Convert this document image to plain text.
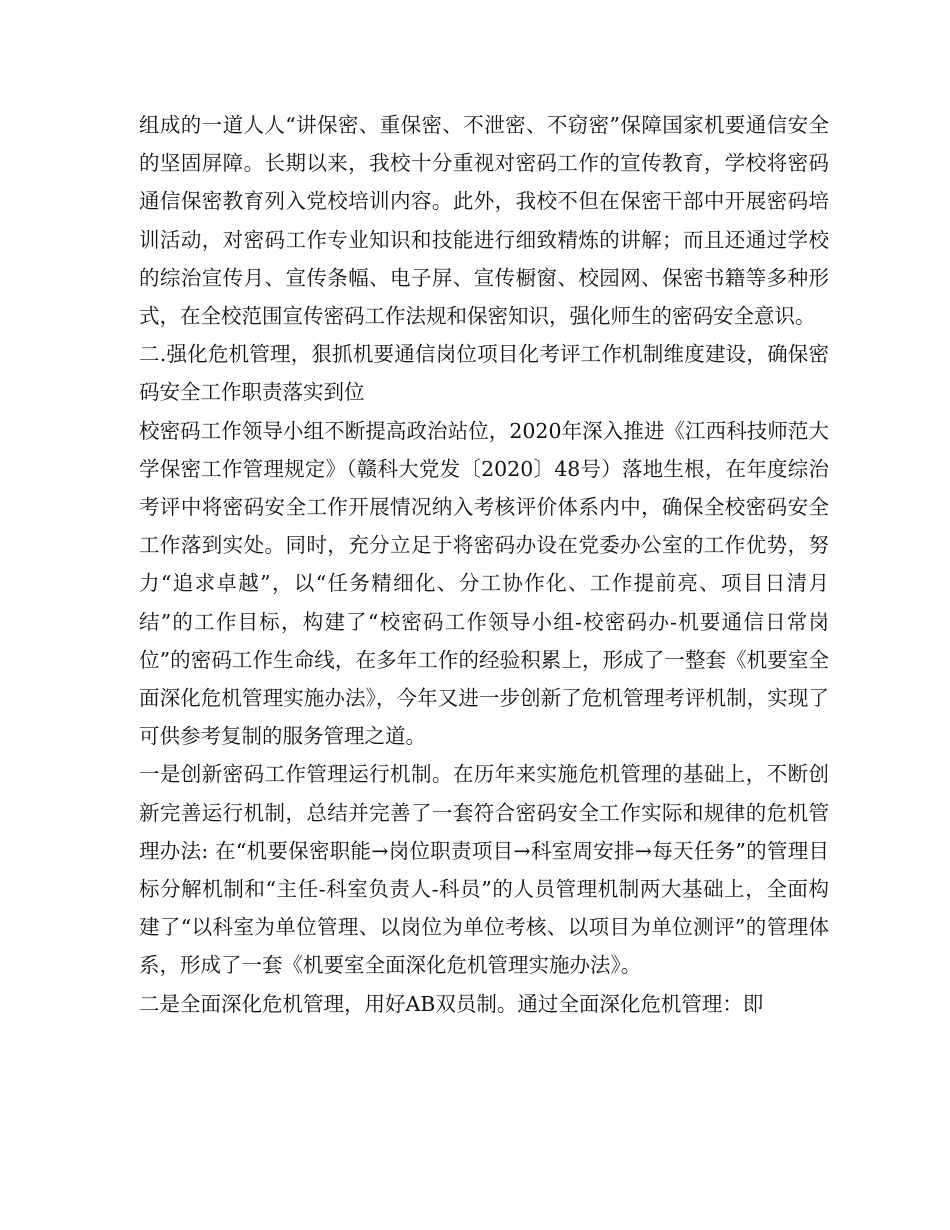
组成的一道人人“讲保密、重保密、不泄密、不窃密”保障国家机要通信安全的坚固屏障。长期以来，我校十分重视对密码工作的宣传教育，学校将密码通信保密教育列入党校培训内容。此外，我校不但在保密干部中开展密码培训活动，对密码工作专业知识和技能进行细致精炼的讲解；而且还通过学校的综治宣传月、宣传条幅、电子屏、宣传橱窗、校园网、保密书籍等多种形式，在全校范围宣传密码工作法规和保密知识，强化师生的密码安全意识。

二.强化危机管理，狠抓机要通信岗位项目化考评工作机制维度建设，确保密码安全工作职责落实到位

校密码工作领导小组不断提高政治站位，2020年深入推进《江西科技师范大学保密工作管理规定》（赣科大党发〔2020〕48号）落地生根，在年度综治考评中将密码安全工作开展情况纳入考核评价体系内中，确保全校密码安全工作落到实处。同时，充分立足于将密码办设在党委办公室的工作优势，努力“追求卓越”，以“任务精细化、分工协作化、工作提前亮、项目日清月结”的工作目标，构建了“校密码工作领导小组-校密码办-机要通信日常岗位”的密码工作生命线，在多年工作的经验积累上，形成了一整套《机要室全面深化危机管理实施办法》，今年又进一步创新了危机管理考评机制，实现了可供参考复制的服务管理之道。

一是创新密码工作管理运行机制。在历年来实施危机管理的基础上，不断创新完善运行机制，总结并完善了一套符合密码安全工作实际和规律的危机管理办法: 在“机要保密职能→岗位职责项目→科室周安排→每天任务”的管理目标分解机制和“主任-科室负责人-科员”的人员管理机制两大基础上，全面构建了“以科室为单位管理、以岗位为单位考核、以项目为单位测评”的管理体系，形成了一套《机要室全面深化危机管理实施办法》。

二是全面深化危机管理，用好AB双员制。通过全面深化危机管理：即
